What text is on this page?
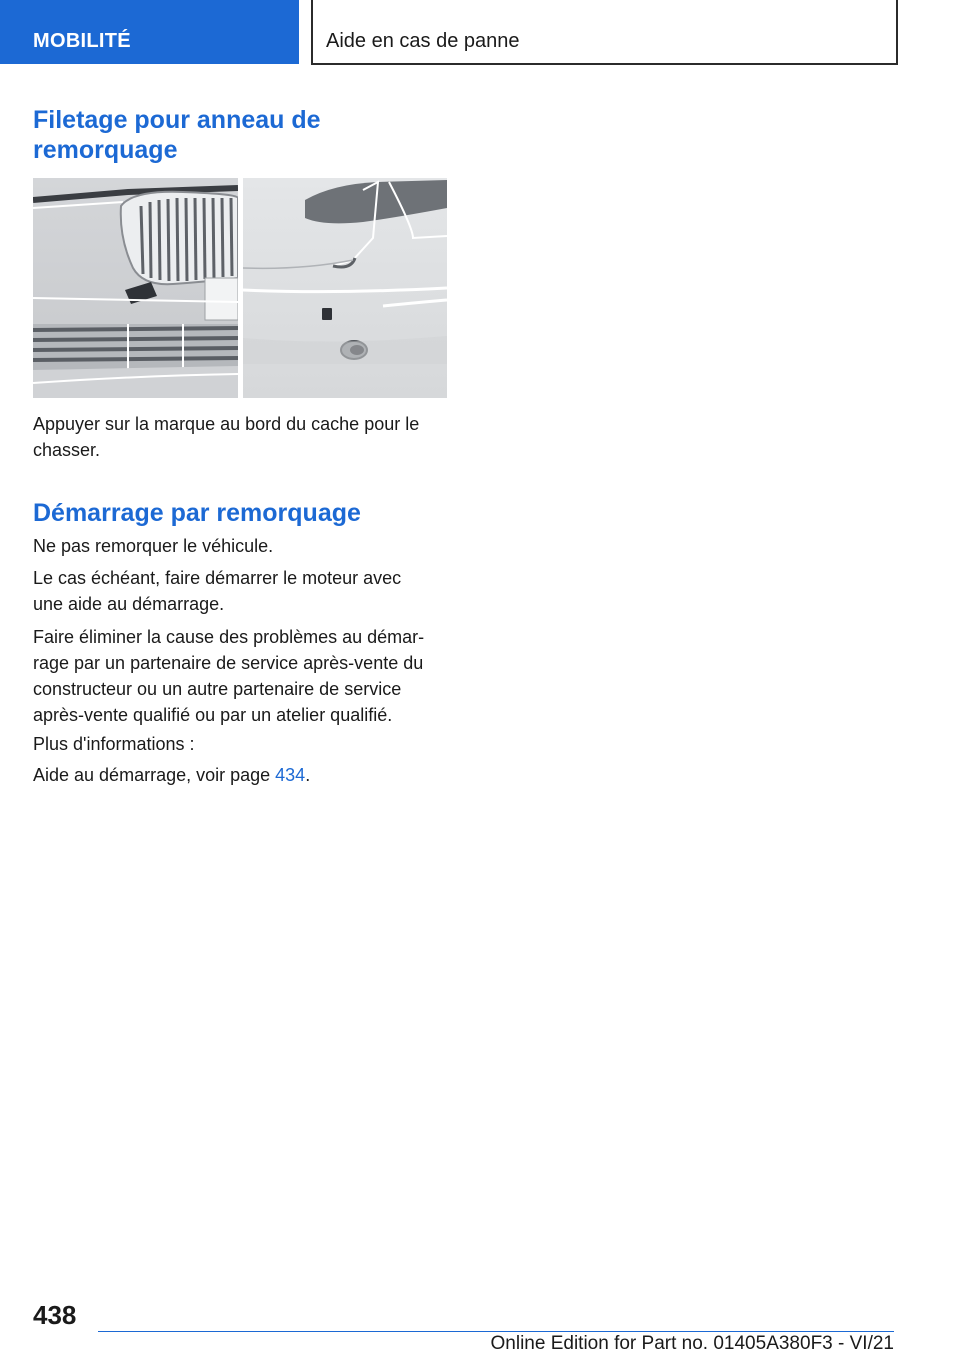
MOBILITÉ	Aide en cas de panne
Filetage pour anneau de
remorquage

Appuyer sur la marque au bord du cache pour le
chasser.

Démarrage par remorquage

Ne pas remorquer le véhicule.

Le cas échéant, faire démarrer le moteur avec
une aide au démarrage.

Faire éliminer la cause des problèmes au démar-
rage par un partenaire de service après-vente du
constructeur ou un autre partenaire de service
après-vente qualifié ou par un atelier qualifié.

Plus d'informations :

Aide au démarrage, voir page 434.

438
Online Edition for Part no. 01405A380F3 - VI/21
